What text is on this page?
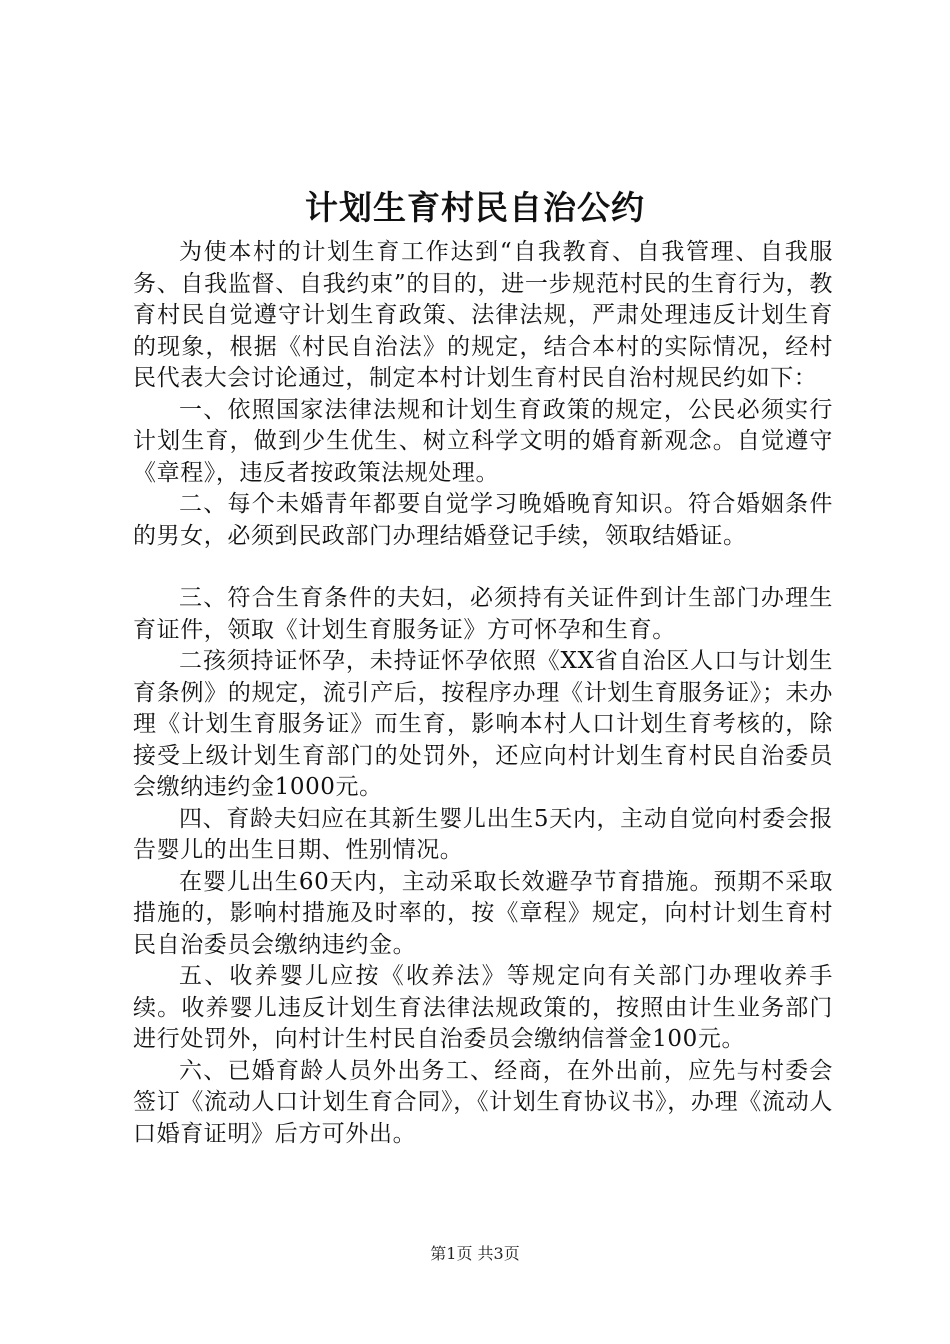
计划生育村民自治公约

为使本村的计划生育工作达到“自我教育、自我管理、自我服务、自我监督、自我约束”的目的，进一步规范村民的生育行为，教育村民自觉遵守计划生育政策、法律法规，严肃处理违反计划生育的现象，根据《村民自治法》的规定，结合本村的实际情况，经村民代表大会讨论通过，制定本村计划生育村民自治村规民约如下：

一、依照国家法律法规和计划生育政策的规定，公民必须实行计划生育，做到少生优生、树立科学文明的婚育新观念。自觉遵守《章程》，违反者按政策法规处理。

二、每个未婚青年都要自觉学习晚婚晚育知识。符合婚姻条件的男女，必须到民政部门办理结婚登记手续，领取结婚证。

三、符合生育条件的夫妇，必须持有关证件到计生部门办理生育证件，领取《计划生育服务证》方可怀孕和生育。

二孩须持证怀孕，未持证怀孕依照《XX省自治区人口与计划生育条例》的规定，流引产后，按程序办理《计划生育服务证》；未办理《计划生育服务证》而生育，影响本村人口计划生育考核的，除接受上级计划生育部门的处罚外，还应向村计划生育村民自治委员会缴纳违约金1000元。

四、育龄夫妇应在其新生婴儿出生5天内，主动自觉向村委会报告婴儿的出生日期、性别情况。

在婴儿出生60天内，主动采取长效避孕节育措施。预期不采取措施的，影响村措施及时率的，按《章程》规定，向村计划生育村民自治委员会缴纳违约金。

五、收养婴儿应按《收养法》等规定向有关部门办理收养手续。收养婴儿违反计划生育法律法规政策的，按照由计生业务部门进行处罚外，向村计生村民自治委员会缴纳信誉金100元。

六、已婚育龄人员外出务工、经商，在外出前，应先与村委会签订《流动人口计划生育合同》，《计划生育协议书》，办理《流动人口婚育证明》后方可外出。

第1页 共3页
